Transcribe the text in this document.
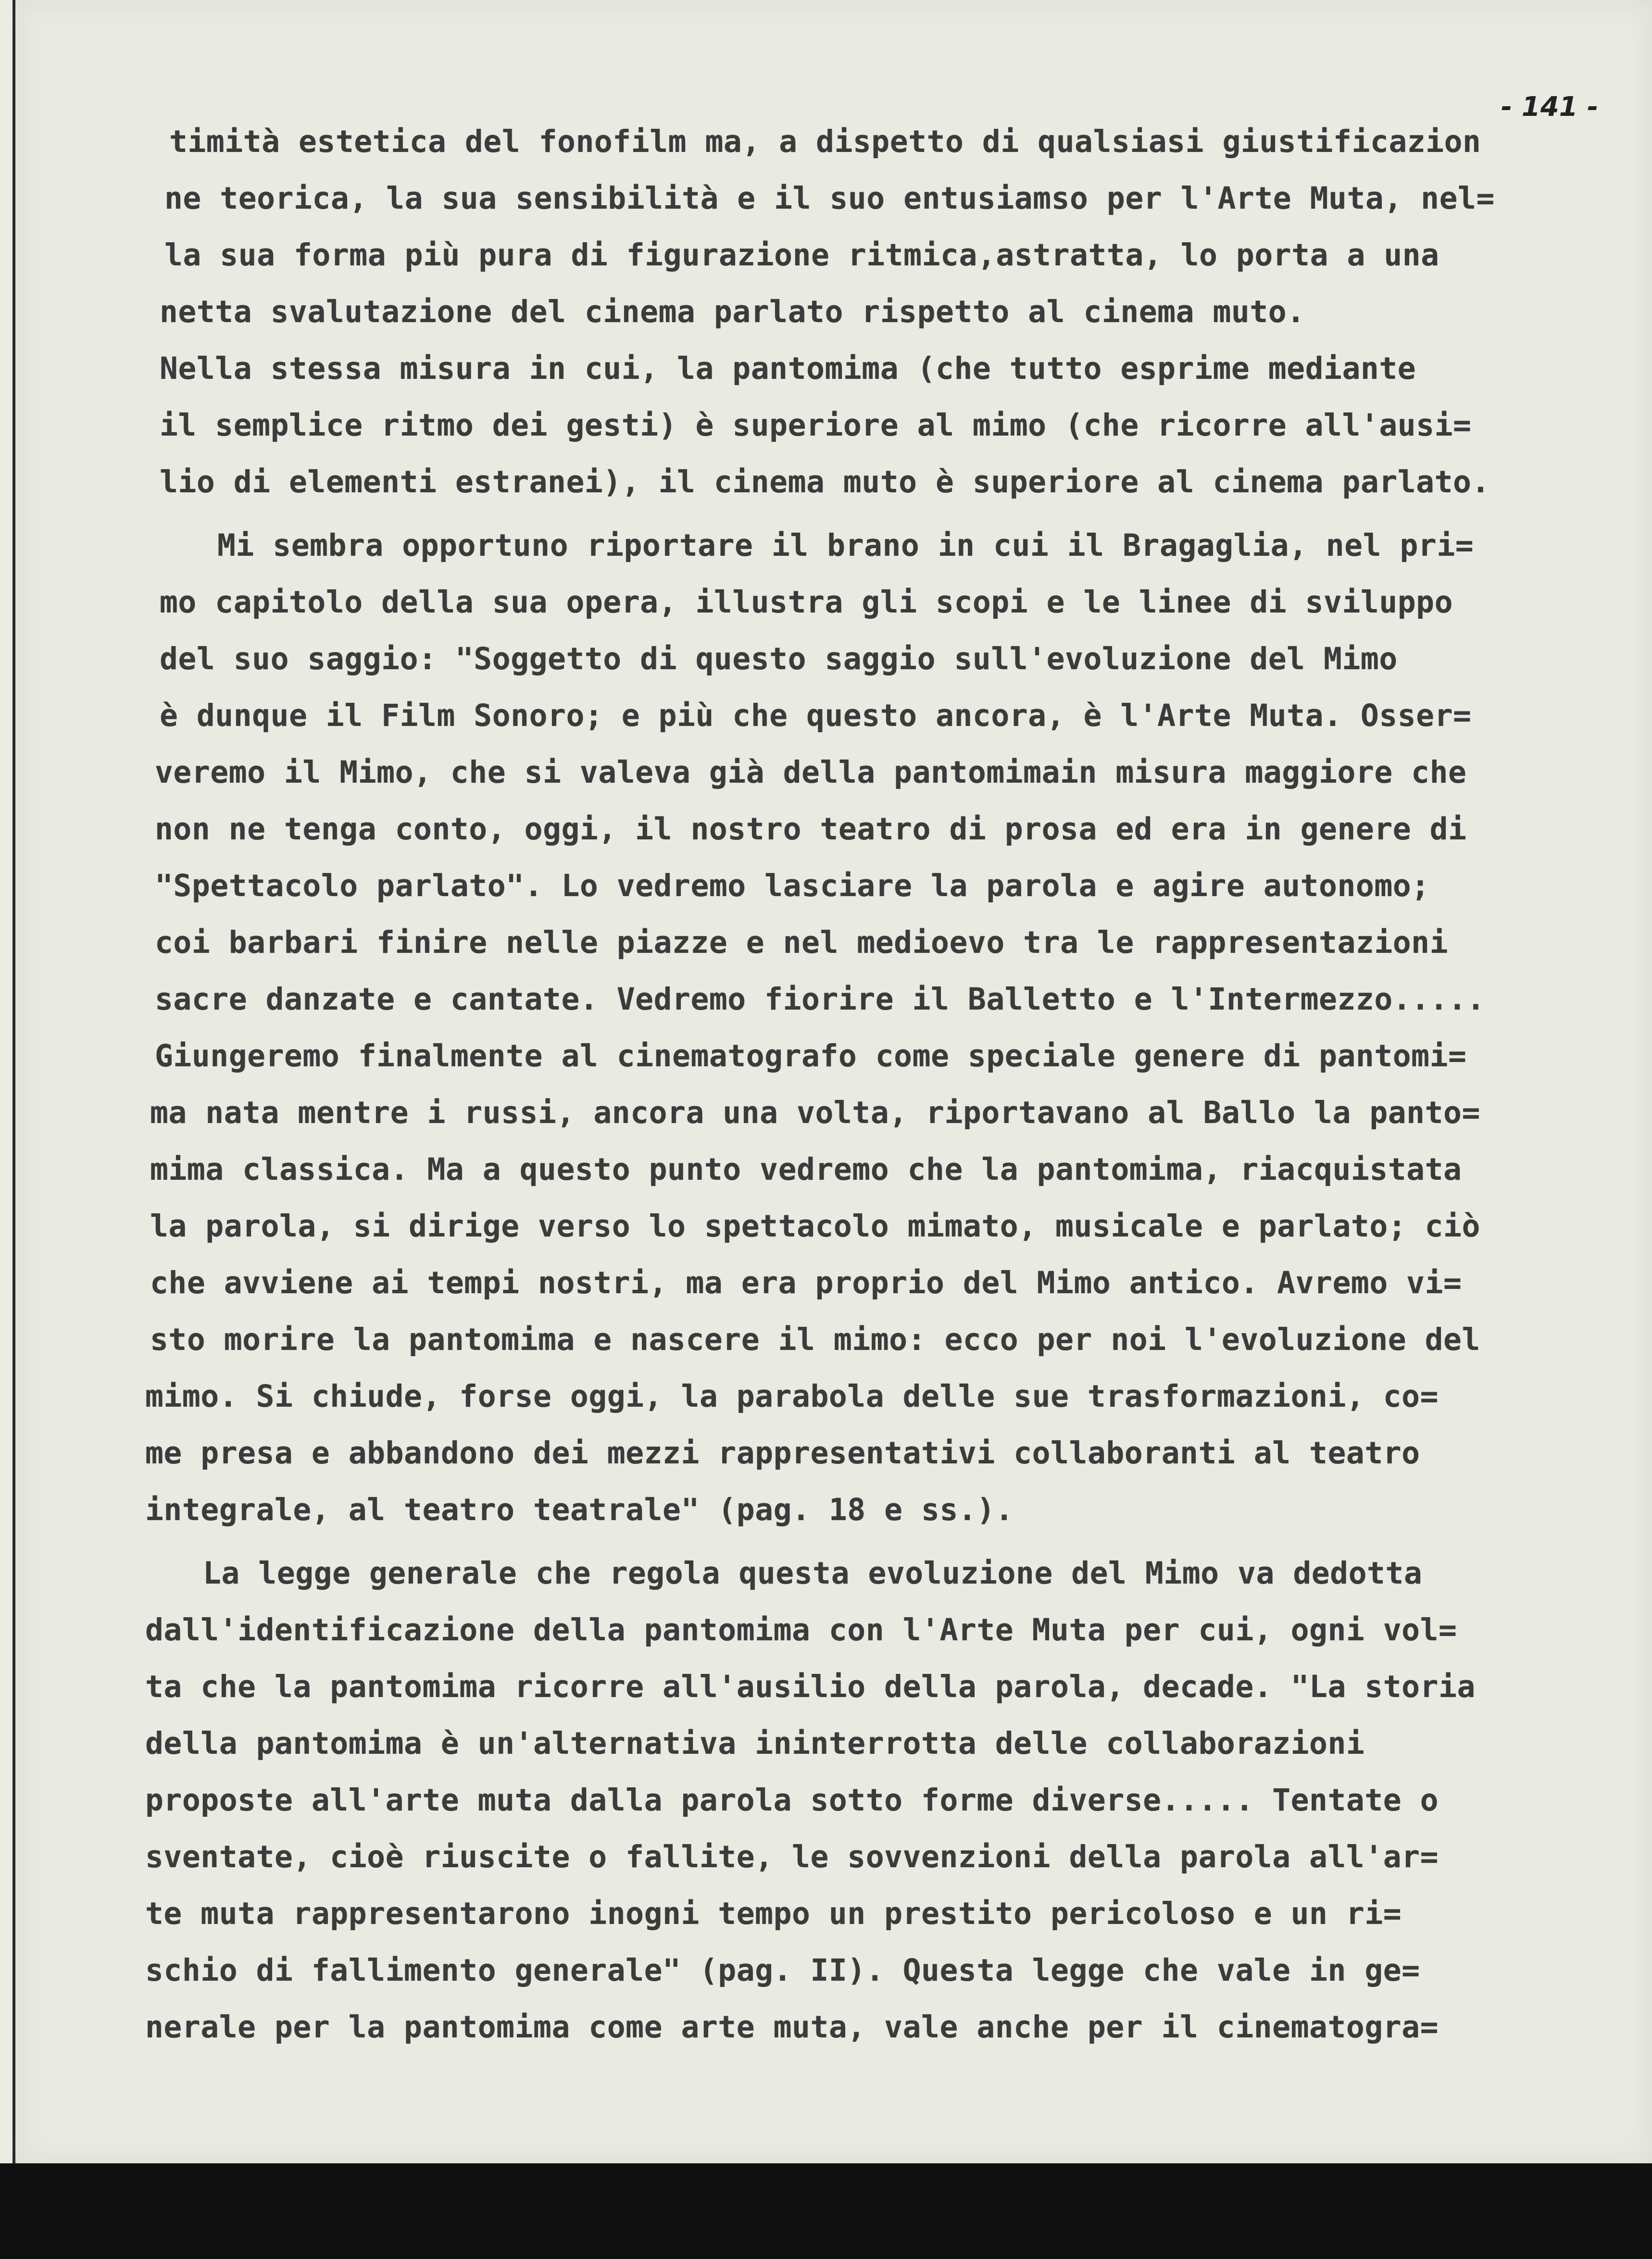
- 141 -
timità estetica del fonofilm ma, a dispetto di qualsiasi giustificazion
ne teorica, la sua sensibilità e il suo entusiamso per l'Arte Muta, nel=
la sua forma più pura di figurazione ritmica,astratta, lo porta a una
netta svalutazione del cinema parlato rispetto al cinema muto.
Nella stessa misura in cui, la pantomima (che tutto esprime mediante
il semplice ritmo dei gesti) è superiore al mimo (che ricorre all'ausi=
lio di elementi estranei), il cinema muto è superiore al cinema parlato.
Mi sembra opportuno riportare il brano in cui il Bragaglia, nel pri=
mo capitolo della sua opera, illustra gli scopi e le linee di sviluppo
del suo saggio: "Soggetto di questo saggio sull'evoluzione del Mimo
è dunque il Film Sonoro; e più che questo ancora, è l'Arte Muta. Osser=
veremo il Mimo, che si valeva già della pantomimain misura maggiore che
non ne tenga conto, oggi, il nostro teatro di prosa ed era in genere di
"Spettacolo parlato". Lo vedremo lasciare la parola e agire autonomo;
coi barbari finire nelle piazze e nel medioevo tra le rappresentazioni
sacre danzate e cantate. Vedremo fiorire il Balletto e l'Intermezzo.....
Giungeremo finalmente al cinematografo come speciale genere di pantomi=
ma nata mentre i russi, ancora una volta, riportavano al Ballo la panto=
mima classica. Ma a questo punto vedremo che la pantomima, riacquistata
la parola, si dirige verso lo spettacolo mimato, musicale e parlato; ciò
che avviene ai tempi nostri, ma era proprio del Mimo antico. Avremo vi=
sto morire la pantomima e nascere il mimo: ecco per noi l'evoluzione del
mimo. Si chiude, forse oggi, la parabola delle sue trasformazioni, co=
me presa e abbandono dei mezzi rappresentativi collaboranti al teatro
integrale, al teatro teatrale" (pag. 18 e ss.).
La legge generale che regola questa evoluzione del Mimo va dedotta
dall'identificazione della pantomima con l'Arte Muta per cui, ogni vol=
ta che la pantomima ricorre all'ausilio della parola, decade. "La storia
della pantomima è un'alternativa ininterrotta delle collaborazioni
proposte all'arte muta dalla parola sotto forme diverse..... Tentate o
sventate, cioè riuscite o fallite, le sovvenzioni della parola all'ar=
te muta rappresentarono inogni tempo un prestito pericoloso e un ri=
schio di fallimento generale" (pag. II). Questa legge che vale in ge=
nerale per la pantomima come arte muta, vale anche per il cinematogra=
